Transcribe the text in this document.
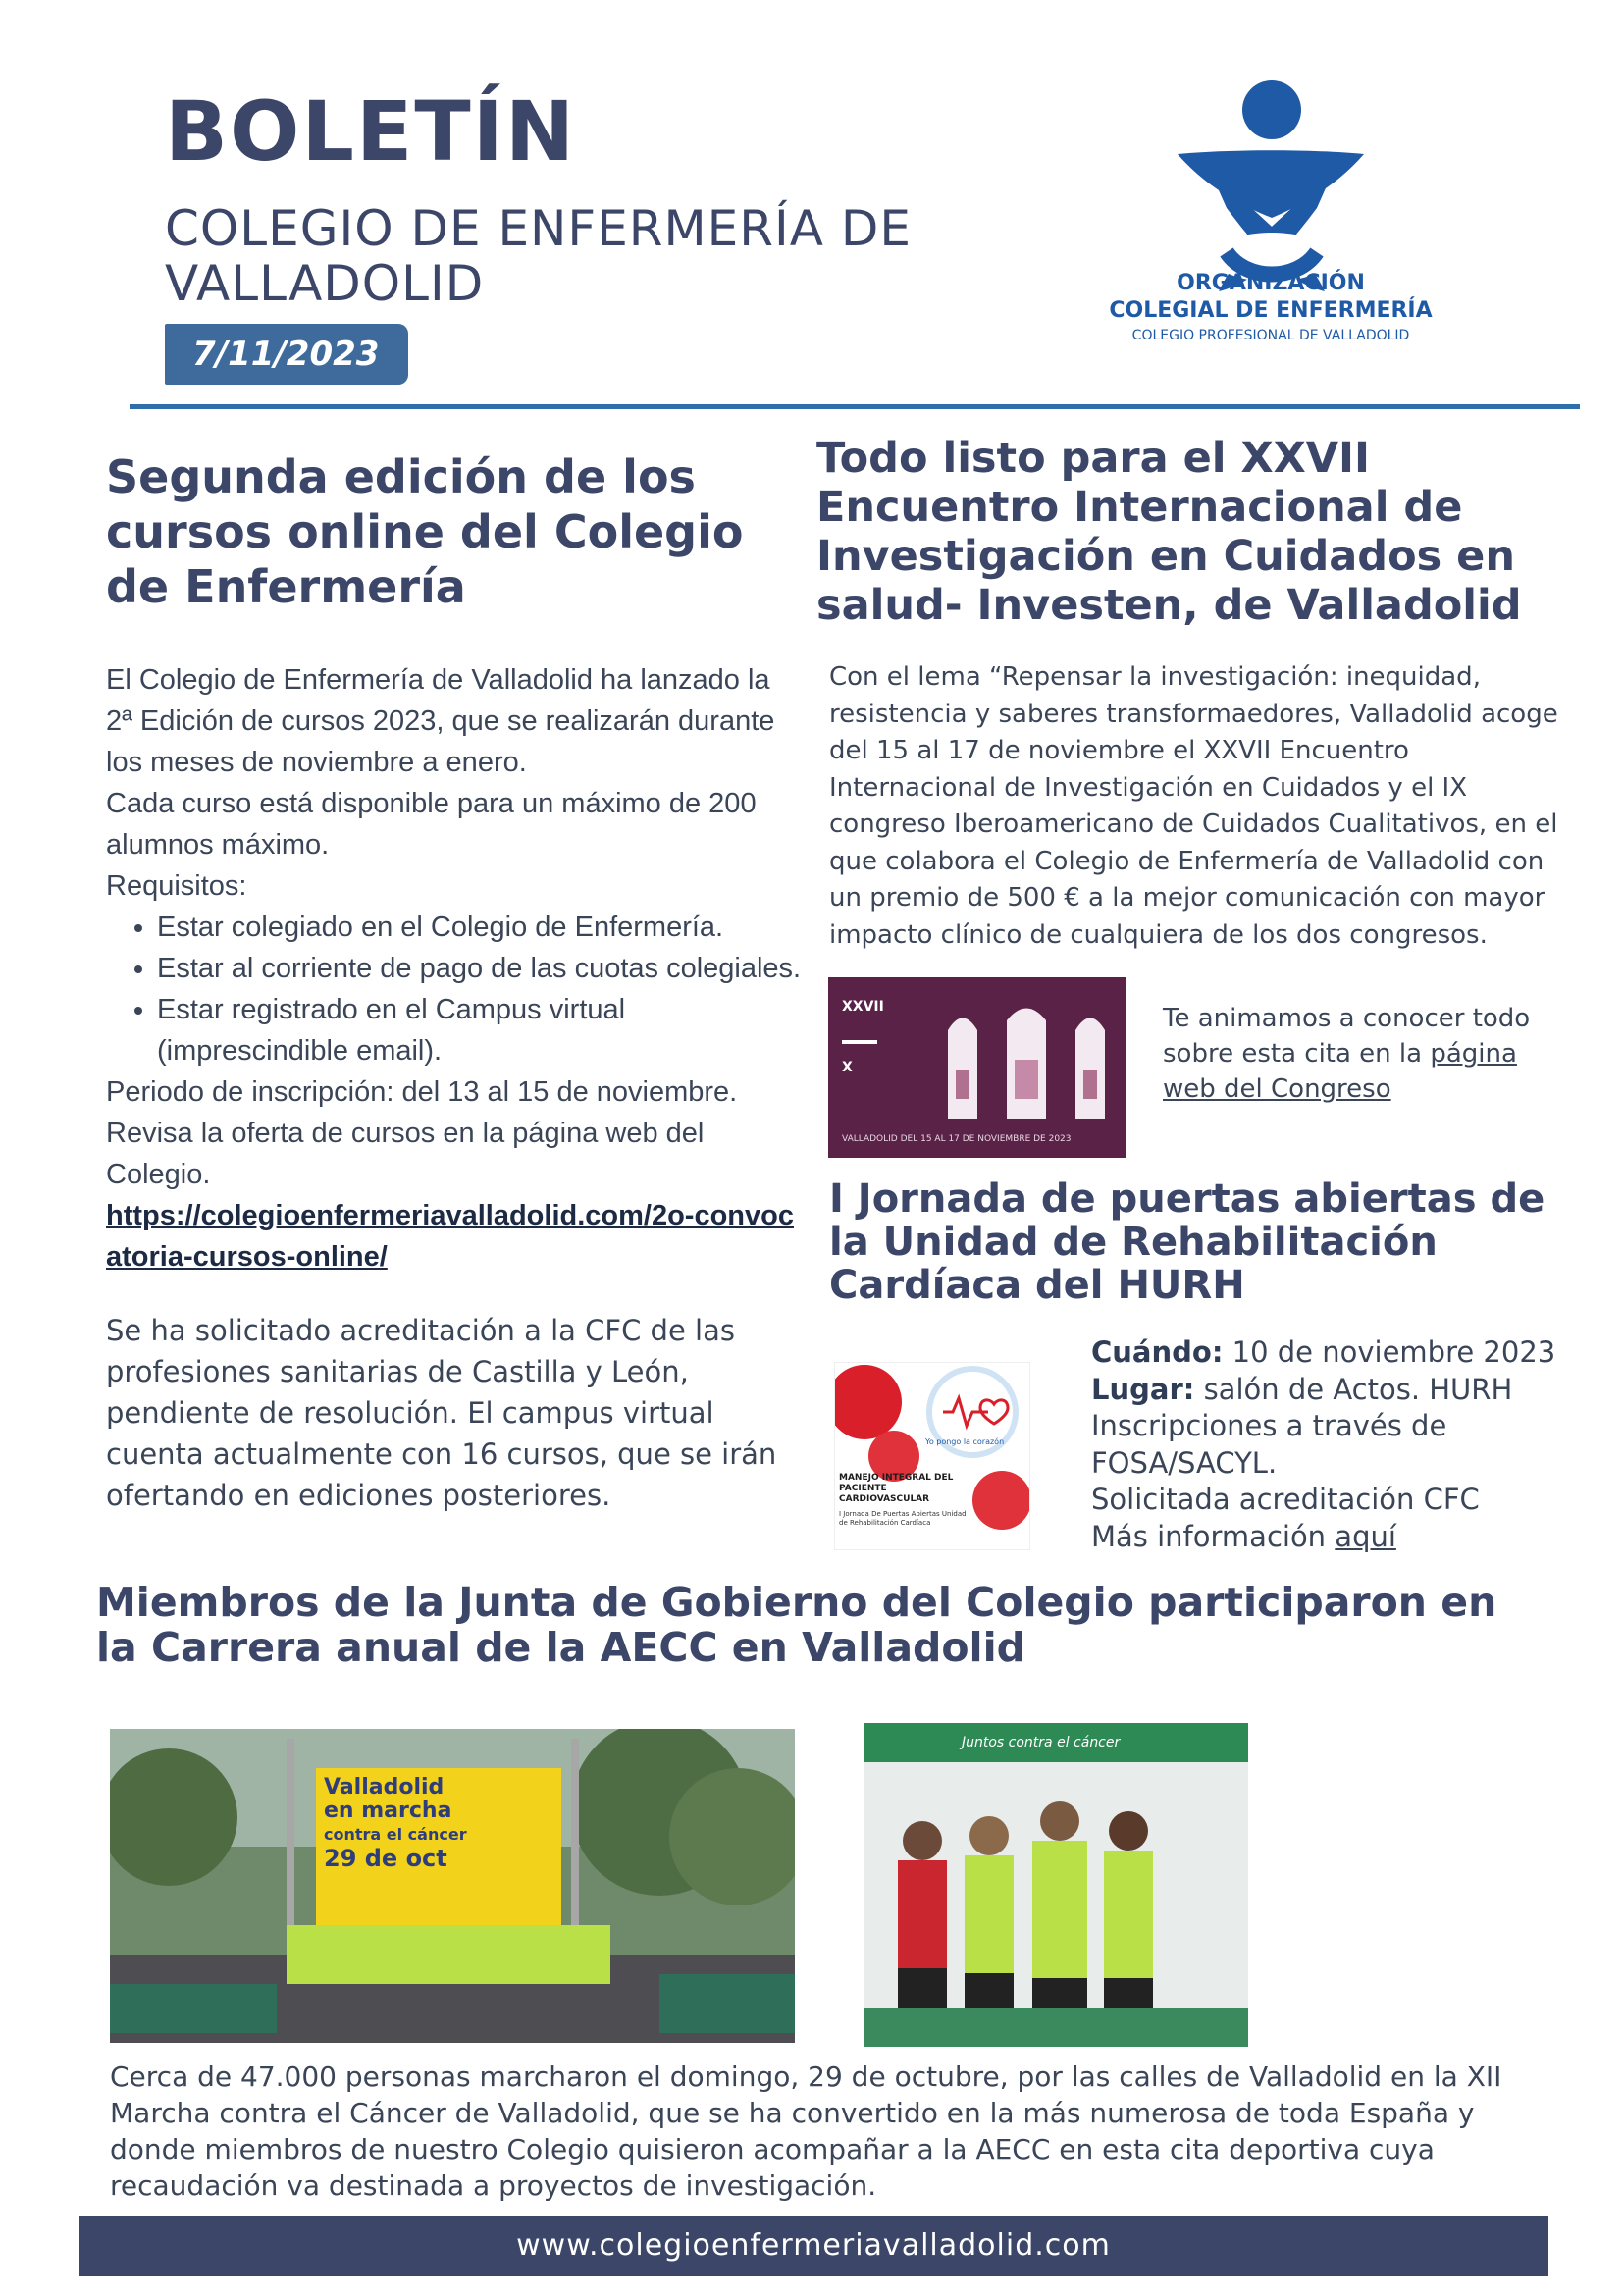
BOLETÍN
COLEGIO DE ENFERMERÍA DE
VALLADOLID
7/11/2023
ORGANIZACIÓN
COLEGIAL DE ENFERMERÍA
COLEGIO PROFESIONAL DE VALLADOLID
Segunda edición de los cursos online del Colegio de Enfermería
El Colegio de Enfermería de Valladolid ha lanzado la 2ª Edición de cursos 2023, que se realizarán durante los meses de noviembre a enero.
Cada curso está disponible para un máximo de 200 alumnos máximo.
Requisitos:
• Estar colegiado en el Colegio de Enfermería.
• Estar al corriente de pago de las cuotas colegiales.
• Estar registrado en el Campus virtual (imprescindible email).
Periodo de inscripción: del 13 al 15 de noviembre.
Revisa la oferta de cursos en la página web del Colegio.
https://colegioenfermeriavalladolid.com/2o-convocatoria-cursos-online/
Se ha solicitado acreditación a la CFC de las profesiones sanitarias de Castilla y León, pendiente de resolución. El campus virtual cuenta actualmente con 16 cursos, que se irán ofertando en ediciones posteriores.
Todo listo para el XXVII Encuentro Internacional de Investigación en Cuidados en salud- Investen, de Valladolid
Con el lema “Repensar la investigación: inequidad, resistencia y saberes transformaedores, Valladolid acoge del 15 al 17 de noviembre el XXVII Encuentro Internacional de Investigación en Cuidados y el IX congreso Iberoamericano de Cuidados Cualitativos, en el que colabora el Colegio de Enfermería de Valladolid con un premio de 500 € a la mejor comunicación con mayor impacto clínico de cualquiera de los dos congresos.
XXVII
X
VALLADOLID DEL 15 AL 17 DE NOVIEMBRE DE 2023
Te animamos a conocer todo sobre esta cita en la página web del Congreso
I Jornada de puertas abiertas de la Unidad de Rehabilitación Cardíaca del HURH
Yo pongo la corazón
MANEJO INTEGRAL DEL PACIENTE CARDIOVASCULAR
I Jornada De Puertas Abiertas Unidad de Rehabilitación Cardíaca
Cuándo: 10 de noviembre 2023
Lugar: salón de Actos. HURH
Inscripciones a través de FOSA/SACYL.
Solicitada acreditación CFC
Más información aquí
Miembros de la Junta de Gobierno del Colegio participaron en la Carrera anual de la AECC en Valladolid
Valladolid
en marcha
contra el cáncer
29 de oct
Juntos contra el cáncer
Cerca de 47.000 personas marcharon el domingo, 29 de octubre, por las calles de Valladolid en la XII Marcha contra el Cáncer de Valladolid, que se ha convertido en la más numerosa de toda España y donde miembros de nuestro Colegio quisieron acompañar a la AECC en esta cita deportiva cuya recaudación va destinada a proyectos de investigación.
www.colegioenfermeriavalladolid.com
